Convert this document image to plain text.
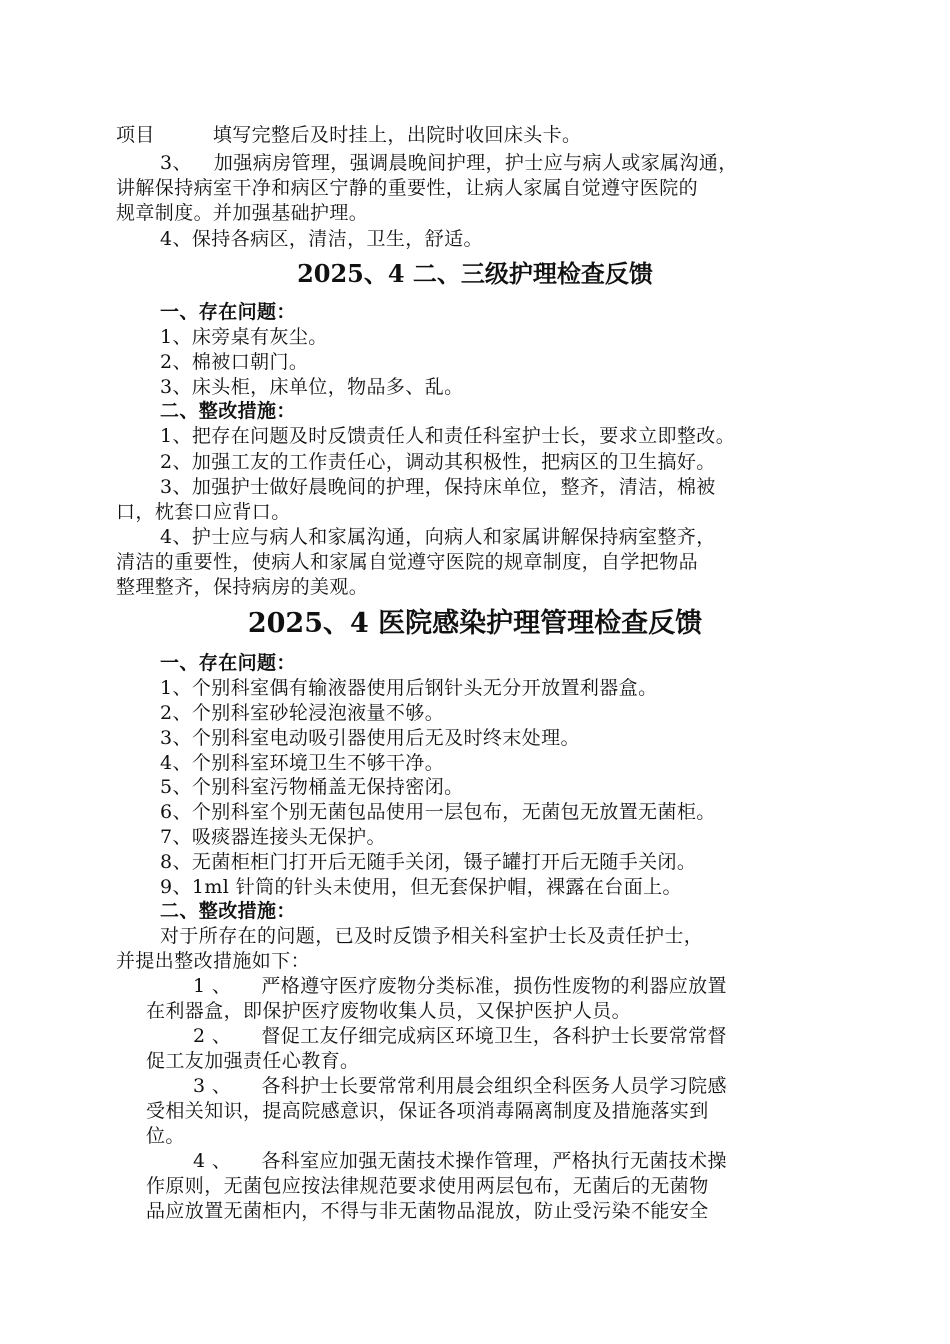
项目	填写完整后及时挂上，出院时收回床头卡。
3、 加强病房管理，强调晨晚间护理，护士应与病人或家属沟通，
讲解保持病室干净和病区宁静的重要性，让病人家属自觉遵守医院的
规章制度。并加强基础护理。
4、保持各病区，清洁，卫生，舒适。
2025、4 二、三级护理检查反馈
一、存在问题：
1、床旁桌有灰尘。
2、棉被口朝门。
3、床头柜，床单位，物品多、乱。
二、整改措施：
1、把存在问题及时反馈责任人和责任科室护士长，要求立即整改。
2、加强工友的工作责任心，调动其积极性，把病区的卫生搞好。
3、加强护士做好晨晚间的护理，保持床单位，整齐，清洁，棉被
口，枕套口应背口。
4、护士应与病人和家属沟通，向病人和家属讲解保持病室整齐，
清洁的重要性，使病人和家属自觉遵守医院的规章制度，自学把物品
整理整齐，保持病房的美观。
2025、4 医院感染护理管理检查反馈
一、存在问题：
1、个别科室偶有输液器使用后钢针头无分开放置利器盒。
2、个别科室砂轮浸泡液量不够。
3、个别科室电动吸引器使用后无及时终末处理。
4、个别科室环境卫生不够干净。
5、个别科室污物桶盖无保持密闭。
6、个别科室个别无菌包品使用一层包布，无菌包无放置无菌柜。
7、吸痰器连接头无保护。
8、无菌柜柜门打开后无随手关闭，镊子罐打开后无随手关闭。
9、1ml 针筒的针头未使用，但无套保护帽，裸露在台面上。
二、整改措施：
对于所存在的问题，已及时反馈予相关科室护士长及责任护士，
并提出整改措施如下：
1 、 严格遵守医疗废物分类标准，损伤性废物的利器应放置
在利器盒，即保护医疗废物收集人员，又保护医护人员。
2 、 督促工友仔细完成病区环境卫生，各科护士长要常常督
促工友加强责任心教育。
3 、 各科护士长要常常利用晨会组织全科医务人员学习院感
受相关知识，提高院感意识，保证各项消毒隔离制度及措施落实到
位。
4 、 各科室应加强无菌技术操作管理，严格执行无菌技术操
作原则，无菌包应按法律规范要求使用两层包布，无菌后的无菌物
品应放置无菌柜内，不得与非无菌物品混放，防止受污染不能安全
